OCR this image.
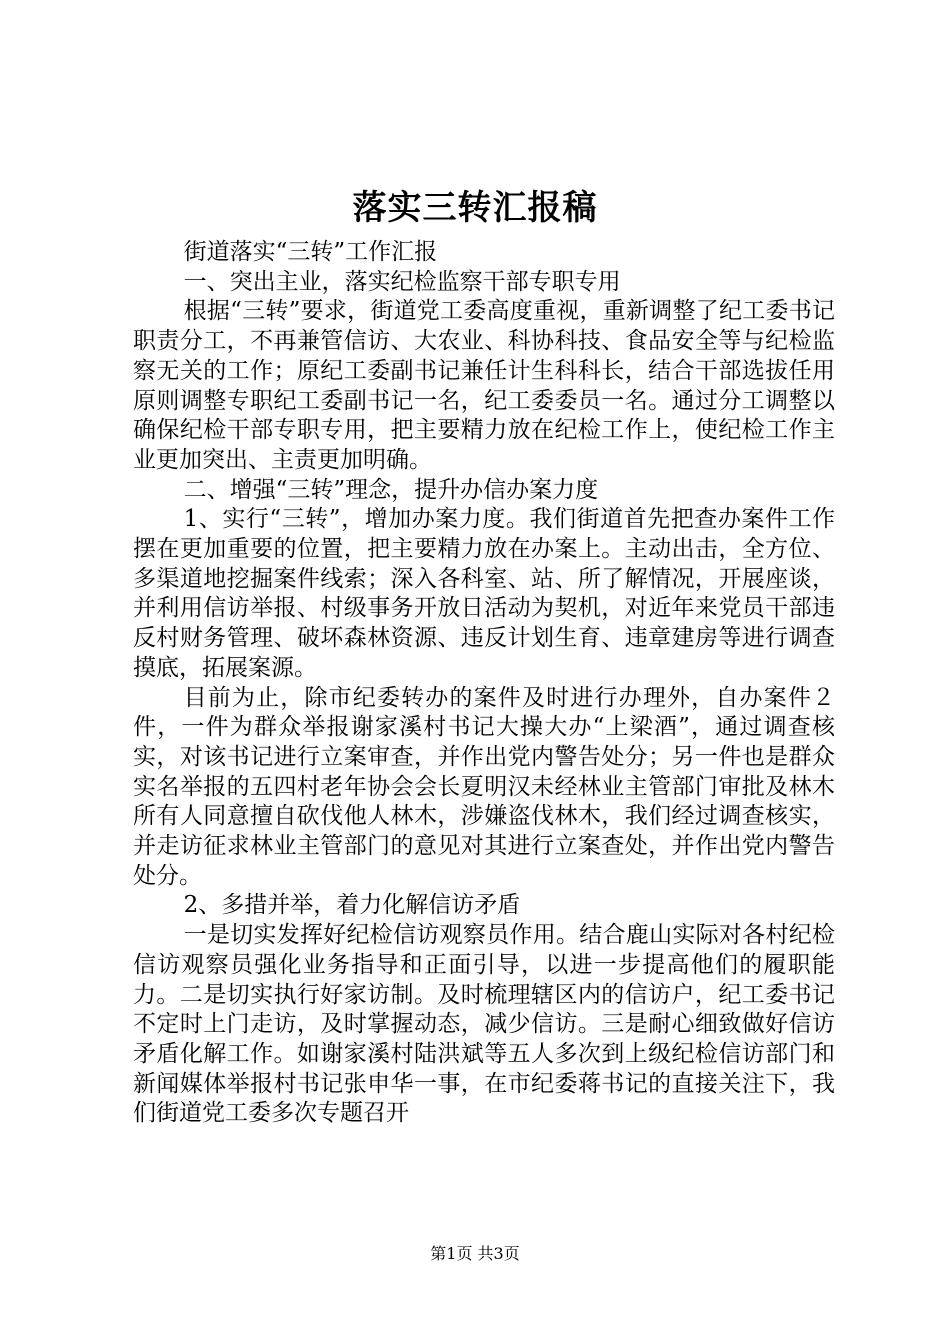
落实三转汇报稿

街道落实“三转”工作汇报

一、突出主业，落实纪检监察干部专职专用

根据“三转”要求，街道党工委高度重视，重新调整了纪工委书记职责分工，不再兼管信访、大农业、科协科技、食品安全等与纪检监察无关的工作；原纪工委副书记兼任计生科科长，结合干部选拔任用原则调整专职纪工委副书记一名，纪工委委员一名。通过分工调整以确保纪检干部专职专用，把主要精力放在纪检工作上，使纪检工作主业更加突出、主责更加明确。

二、增强“三转”理念，提升办信办案力度

1、实行“三转”，增加办案力度。我们街道首先把查办案件工作摆在更加重要的位置，把主要精力放在办案上。主动出击，全方位、多渠道地挖掘案件线索；深入各科室、站、所了解情况，开展座谈，并利用信访举报、村级事务开放日活动为契机，对近年来党员干部违反村财务管理、破坏森林资源、违反计划生育、违章建房等进行调查摸底，拓展案源。

目前为止，除市纪委转办的案件及时进行办理外，自办案件２件，一件为群众举报谢家溪村书记大操大办“上梁酒”，通过调查核实，对该书记进行立案审查，并作出党内警告处分；另一件也是群众实名举报的五四村老年协会会长夏明汉未经林业主管部门审批及林木所有人同意擅自砍伐他人林木，涉嫌盗伐林木，我们经过调查核实，并走访征求林业主管部门的意见对其进行立案查处，并作出党内警告处分。

2、多措并举，着力化解信访矛盾

一是切实发挥好纪检信访观察员作用。结合鹿山实际对各村纪检信访观察员强化业务指导和正面引导，以进一步提高他们的履职能力。二是切实执行好家访制。及时梳理辖区内的信访户，纪工委书记不定时上门走访，及时掌握动态，减少信访。三是耐心细致做好信访矛盾化解工作。如谢家溪村陆洪斌等五人多次到上级纪检信访部门和新闻媒体举报村书记张申华一事，在市纪委蒋书记的直接关注下，我们街道党工委多次专题召开

第1页 共3页
